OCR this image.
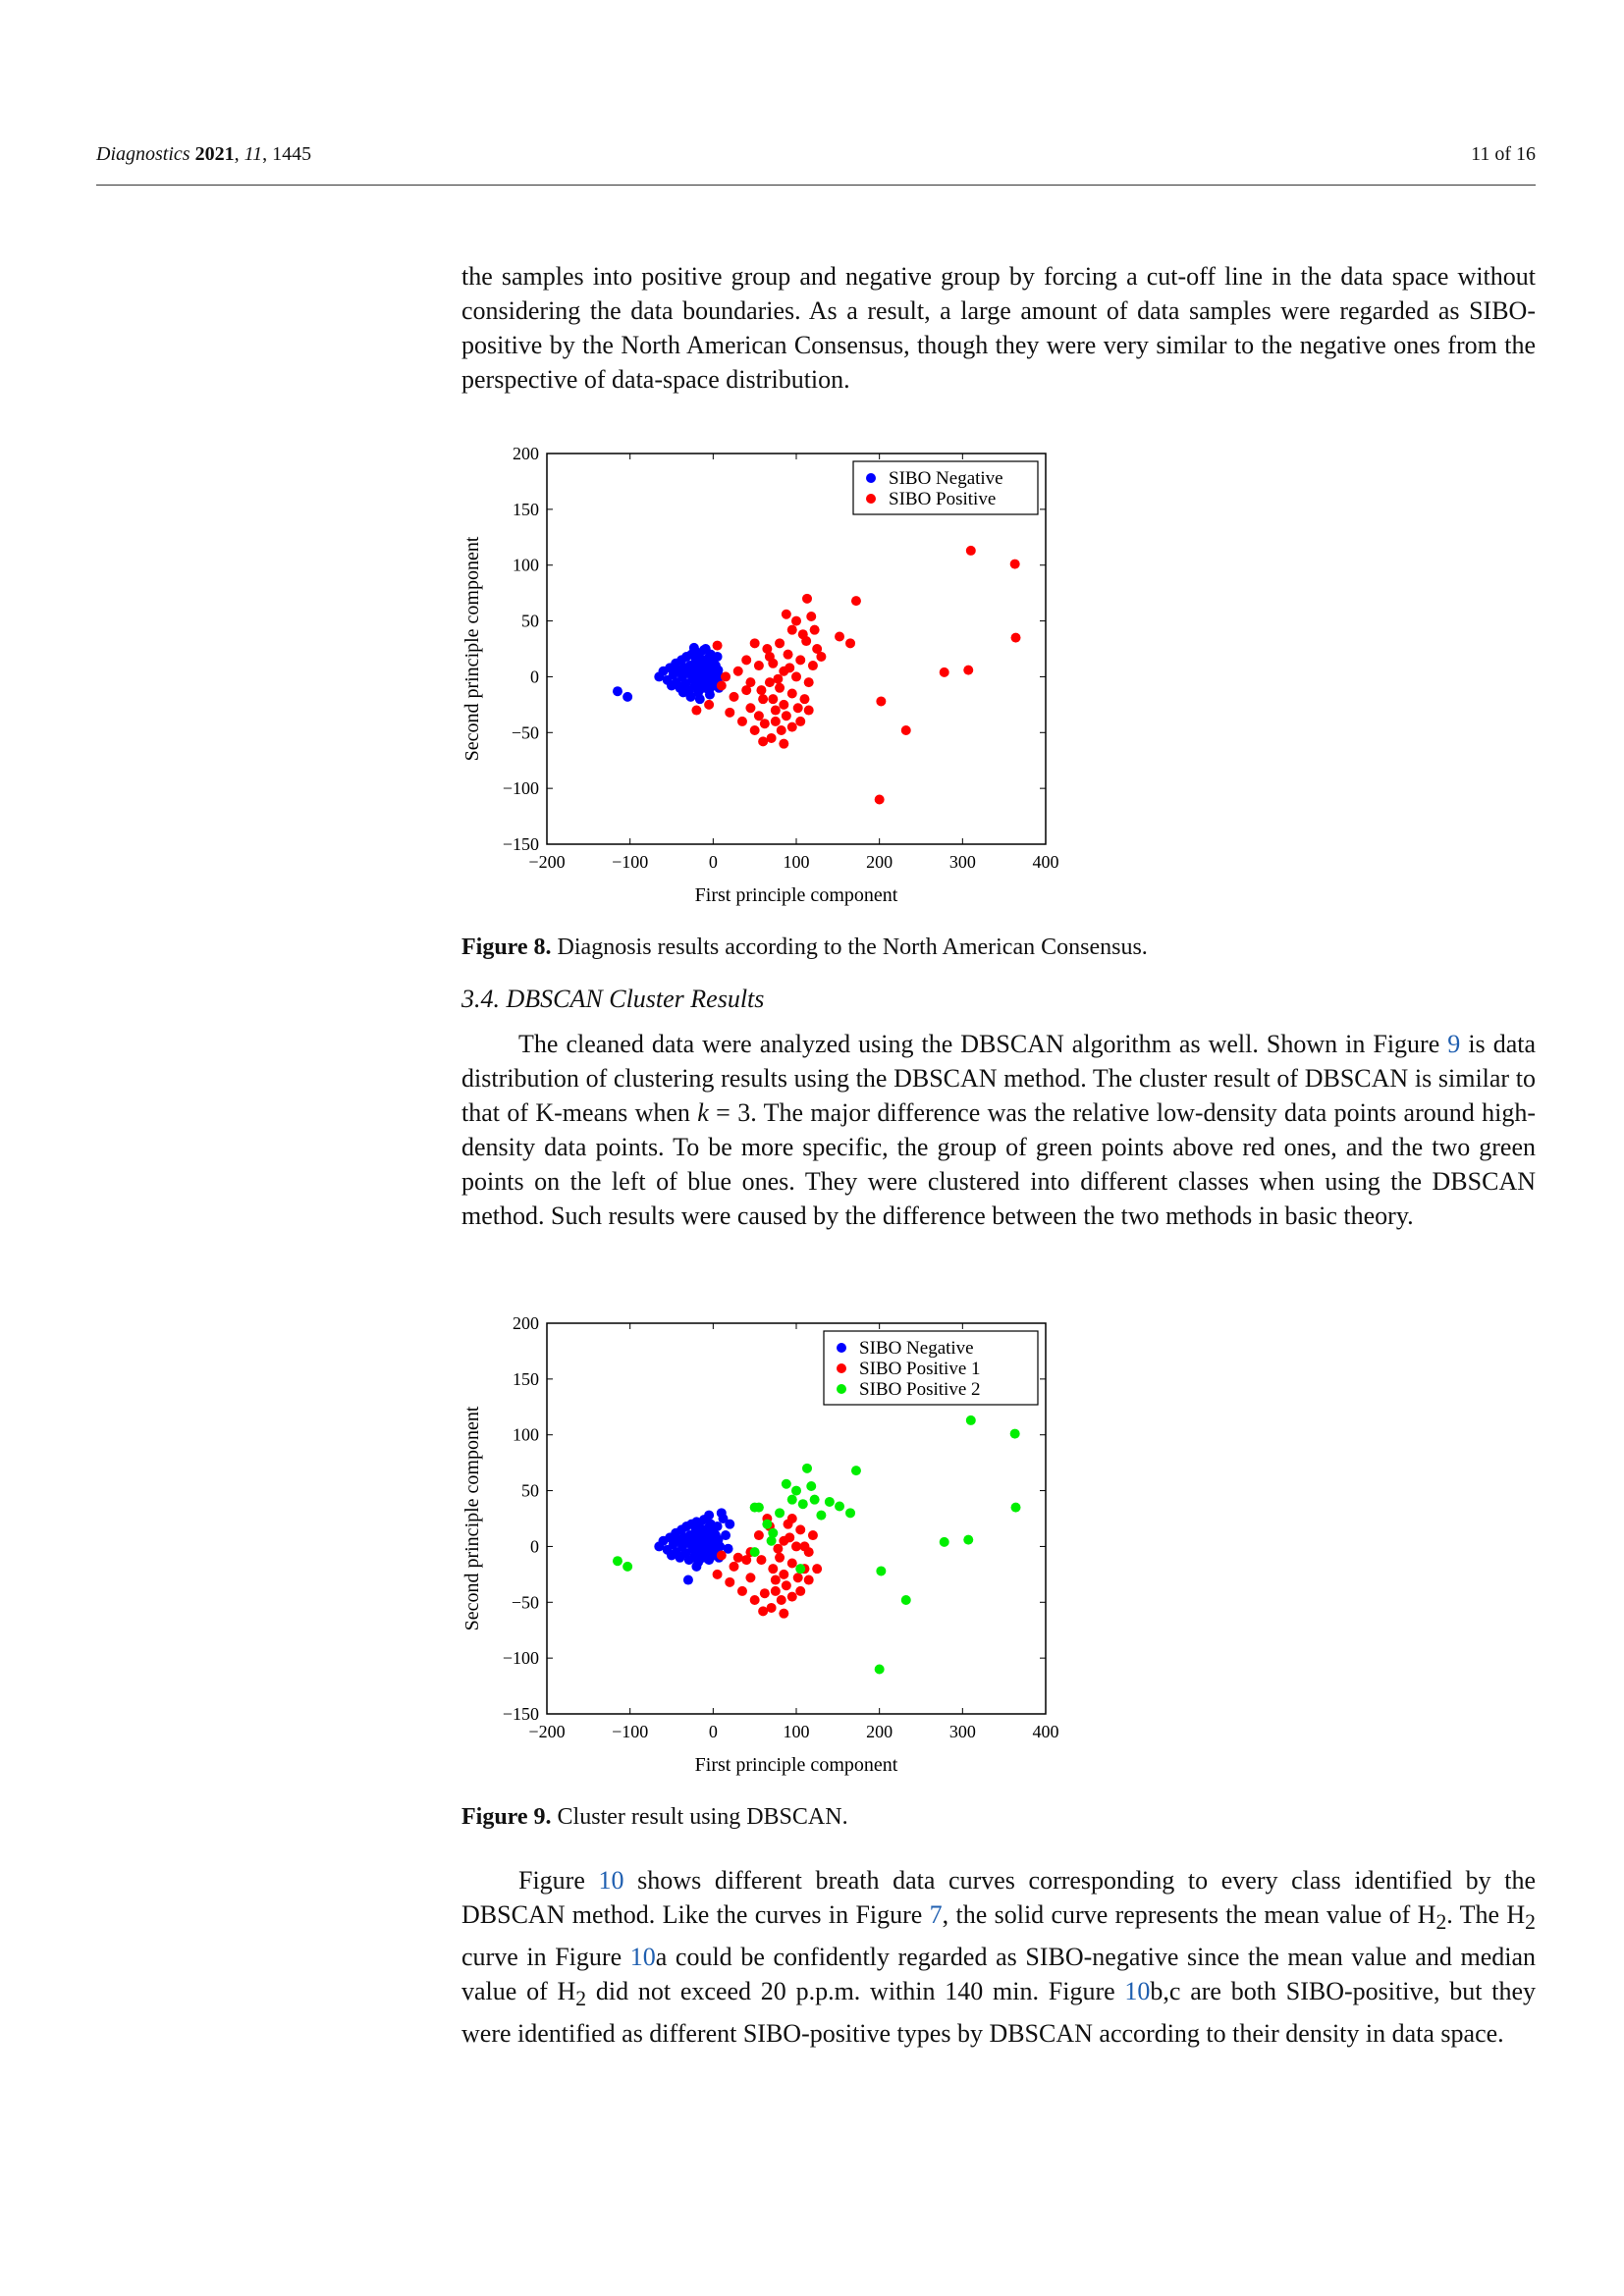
Diagnostics 2021, 11, 1445	11 of 16

the samples into positive group and negative group by forcing a cut-off line in the data space without considering the data boundaries. As a result, a large amount of data samples were regarded as SIBO-positive by the North American Consensus, though they were very similar to the negative ones from the perspective of data-space distribution.

−200	−100	0	100	200	300	400
−150
−100
−50
0
50
100
150
200
First principle component
Second principle component
SIBO Negative
SIBO Positive
Figure 8. Diagnosis results according to the North American Consensus.
3.4. DBSCAN Cluster Results

The cleaned data were analyzed using the DBSCAN algorithm as well. Shown in Figure 9 is data distribution of clustering results using the DBSCAN method. The cluster result of DBSCAN is similar to that of K-means when k = 3. The major difference was the relative low-density data points around high-density data points. To be more specific, the group of green points above red ones, and the two green points on the left of blue ones. They were clustered into different classes when using the DBSCAN method. Such results were caused by the difference between the two methods in basic theory.

−200	−100	0	100	200	300	400
−150
−100
−50
0
50
100
150
200
First principle component
Second principle component
SIBO Negative
SIBO Positive 1
SIBO Positive 2
Figure 9. Cluster result using DBSCAN.

Figure 10 shows different breath data curves corresponding to every class identified by the DBSCAN method. Like the curves in Figure 7, the solid curve represents the mean value of $H_2$. The $H_2$ curve in Figure 10a could be confidently regarded as SIBO-negative since the mean value and median value of $H_2$ did not exceed 20 p.p.m. within 140 min. Figure 10b,c are both SIBO-positive, but they were identified as different SIBO-positive types by DBSCAN according to their density in data space.
